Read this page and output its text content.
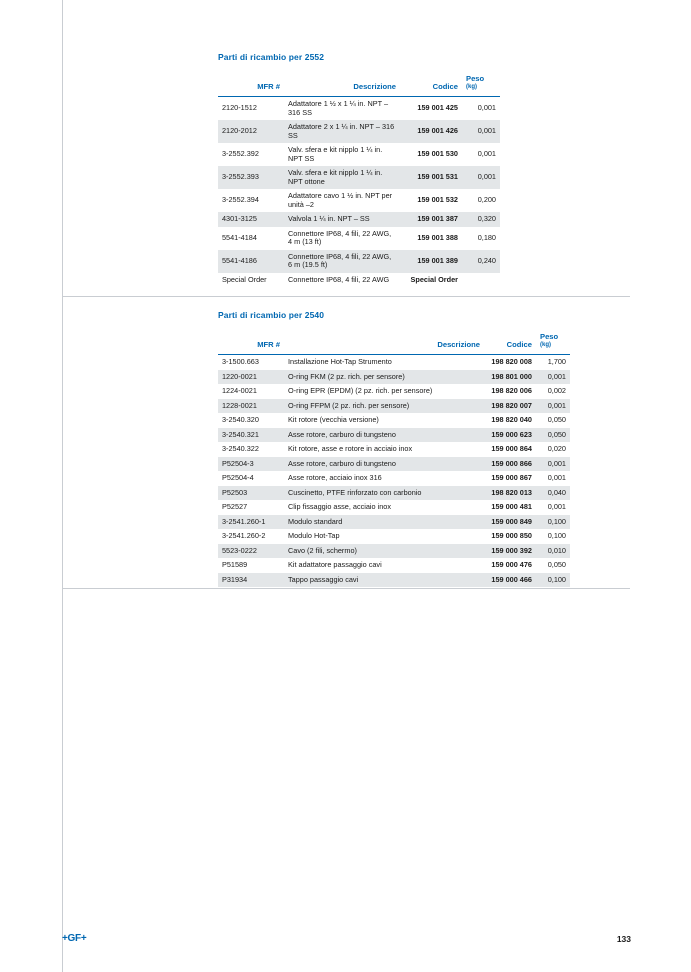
Parti di ricambio per 2552
MFR #	Descrizione	Codice	Peso
(kg)

2120-1512	Adattatore 1 ½ x 1 ¼ in. NPT – 316 SS	159 001 425	0,001
2120-2012	Adattatore 2 x 1 ¼ in. NPT – 316 SS	159 001 426	0,001
3-2552.392	Valv. sfera e kit nipplo 1 ¼ in. NPT SS	159 001 530	0,001
3-2552.393	Valv. sfera e kit nipplo 1 ¼ in. NPT ottone	159 001 531	0,001
3-2552.394	Adattatore cavo 1 ½ in. NPT per unità –2	159 001 532	0,200
4301-3125	Valvola 1 ¼ in. NPT – SS	159 001 387	0,320
5541-4184	Connettore IP68, 4 fili, 22 AWG, 4 m (13 ft)	159 001 388	0,180
5541-4186	Connettore IP68, 4 fili, 22 AWG, 6 m (19.5 ft)	159 001 389	0,240
Special Order	Connettore IP68, 4 fili, 22 AWG	Special Order	
Parti di ricambio per 2540
MFR #	Descrizione	Codice	Peso
(kg)

3-1500.663	Installazione Hot-Tap Strumento	198 820 008	1,700
1220-0021	O-ring FKM (2 pz. rich. per sensore)	198 801 000	0,001
1224-0021	O-ring EPR (EPDM) (2 pz. rich. per sensore)	198 820 006	0,002
1228-0021	O-ring FFPM (2 pz. rich. per sensore)	198 820 007	0,001
3-2540.320	Kit rotore (vecchia versione)	198 820 040	0,050
3-2540.321	Asse rotore, carburo di tungsteno	159 000 623	0,050
3-2540.322	Kit rotore, asse e rotore in acciaio inox	159 000 864	0,020
P52504-3	Asse rotore, carburo di tungsteno	159 000 866	0,001
P52504-4	Asse rotore, acciaio inox 316	159 000 867	0,001
P52503	Cuscinetto, PTFE rinforzato con carbonio	198 820 013	0,040
P52527	Clip fissaggio asse, acciaio inox	159 000 481	0,001
3-2541.260-1	Modulo standard	159 000 849	0,100
3-2541.260-2	Modulo Hot-Tap	159 000 850	0,100
5523-0222	Cavo (2 fili, schermo)	159 000 392	0,010
P51589	Kit adattatore passaggio cavi	159 000 476	0,050
P31934	Tappo passaggio cavi	159 000 466	0,100
+GF+	133
